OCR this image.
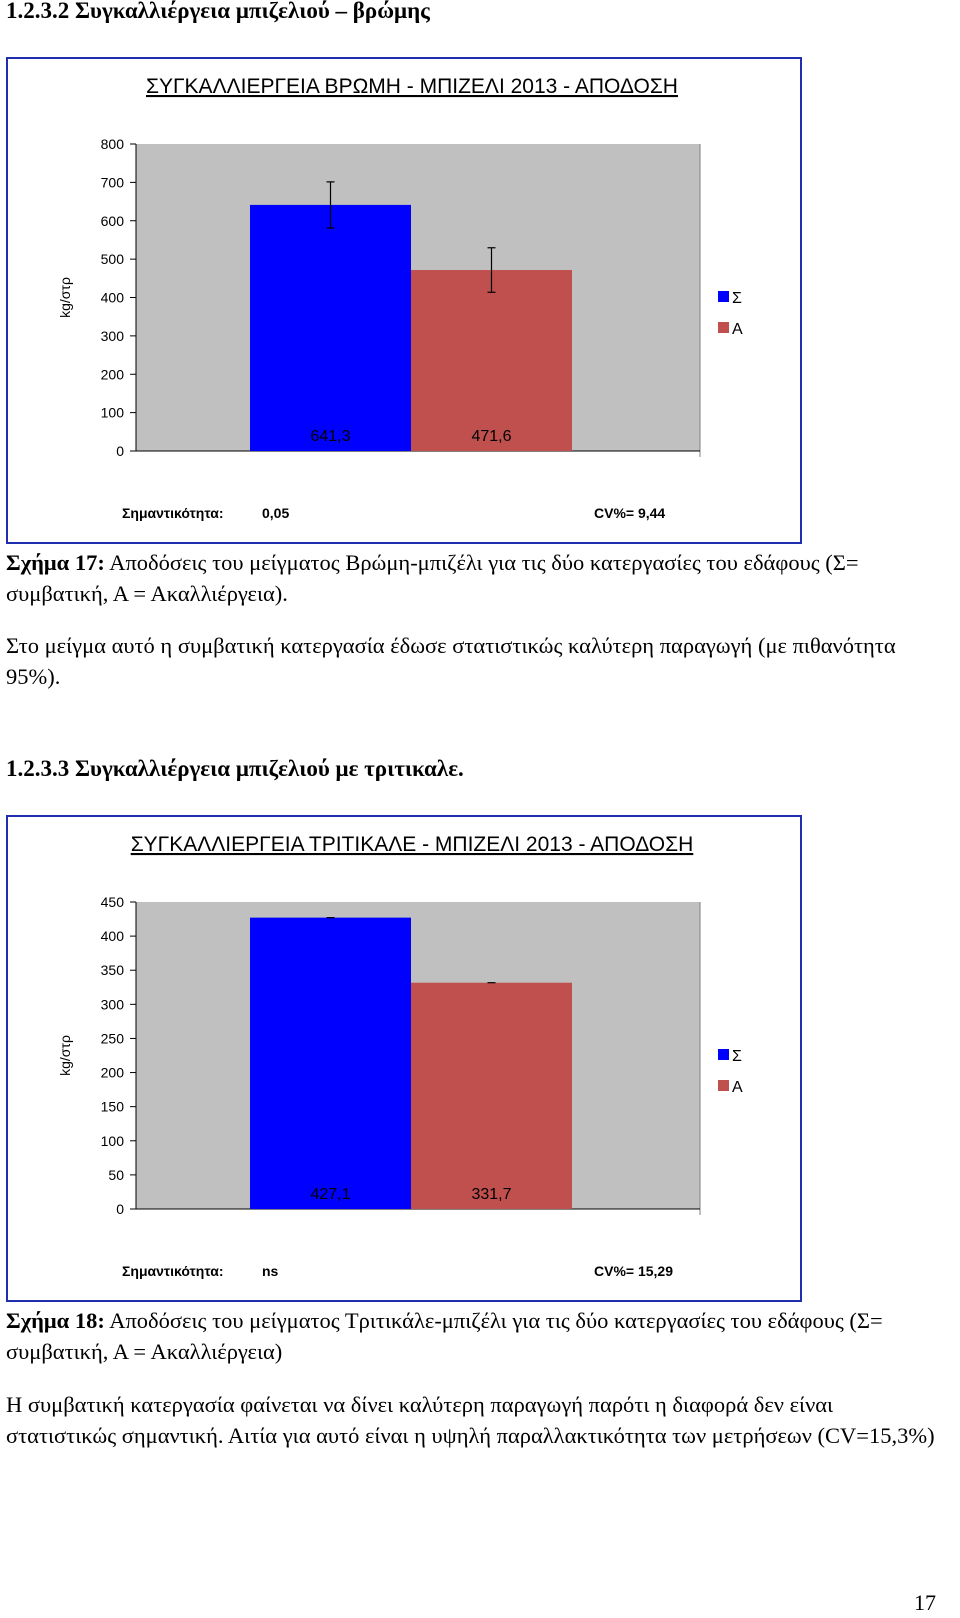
1.2.3.2 Συγκαλλιέργεια μπιζελιού – βρώμης
ΣΥΓΚΑΛΛΙΕΡΓΕΙΑ ΒΡΩΜΗ - ΜΠΙΖΕΛΙ 2013 - ΑΠΟΔΟΣΗ
0
100
200
300
400
500
600
700
800
kg/στρ
641,3	471,6
Σ
Α
Σημαντικότητα:	0,05	CV%= 9,44
Σχήμα 17: Αποδόσεις του μείγματος Βρώμη-μπιζέλι για τις δύο κατεργασίες του εδάφους (Σ= συμβατική, Α = Ακαλλιέργεια).
Στο μείγμα αυτό η συμβατική κατεργασία έδωσε στατιστικώς καλύτερη παραγωγή (με πιθανότητα 95%).
1.2.3.3 Συγκαλλιέργεια μπιζελιού με τριτικαλε.
ΣΥΓΚΑΛΛΙΕΡΓΕΙΑ ΤΡΙΤΙΚΑΛΕ - ΜΠΙΖΕΛΙ 2013 - ΑΠΟΔΟΣΗ
0
50
100
150
200
250
300
350
400
450
kg/στρ
427,1	331,7
Σ
Α
Σημαντικότητα:	ns	CV%= 15,29
Σχήμα 18: Αποδόσεις του μείγματος Τριτικάλε-μπιζέλι για τις δύο κατεργασίες του εδάφους (Σ= συμβατική, Α = Ακαλλιέργεια)
Η συμβατική κατεργασία φαίνεται να δίνει καλύτερη παραγωγή παρότι η διαφορά δεν είναι στατιστικώς σημαντική. Αιτία για αυτό είναι η υψηλή παραλλακτικότητα των μετρήσεων (CV=15,3%)
17
